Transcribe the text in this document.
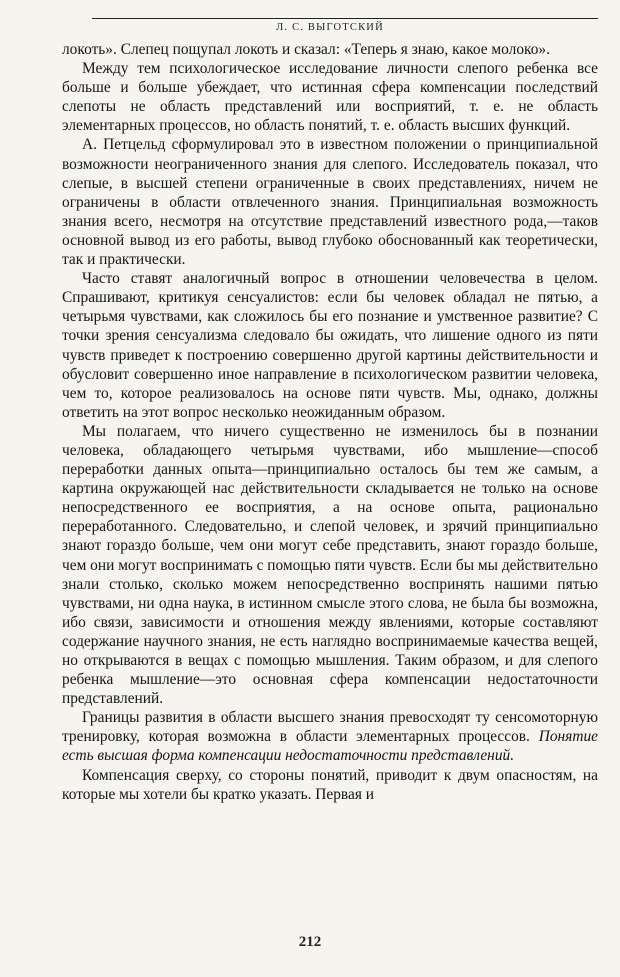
Л. С. ВЫГОТСКИЙ

локоть». Слепец пощупал локоть и сказал: «Теперь я знаю, какое молоко».

Между тем психологическое исследование личности слепого ребенка все больше и больше убеждает, что истинная сфера компенсации последствий слепоты не область представлений или восприятий, т. е. не область элементарных процессов, но область понятий, т. е. область высших функций.

А. Петцельд сформулировал это в известном положении о принципиальной возможности неограниченного знания для слепого. Исследователь показал, что слепые, в высшей степени ограниченные в своих представлениях, ничем не ограничены в области отвлеченного знания. Принципиальная возможность знания всего, несмотря на отсутствие представлений известного рода,—таков основной вывод из его работы, вывод глубоко обоснованный как теоретически, так и практически.

Часто ставят аналогичный вопрос в отношении человечества в целом. Спрашивают, критикуя сенсуалистов: если бы человек обладал не пятью, а четырьмя чувствами, как сложилось бы его познание и умственное развитие? С точки зрения сенсуализма следовало бы ожидать, что лишение одного из пяти чувств приведет к построению совершенно другой картины действительности и обусловит совершенно иное направление в психологическом развитии человека, чем то, которое реализовалось на основе пяти чувств. Мы, однако, должны ответить на этот вопрос несколько неожиданным образом.

Мы полагаем, что ничего существенно не изменилось бы в познании человека, обладающего четырьмя чувствами, ибо мышление—способ переработки данных опыта—принципиально осталось бы тем же самым, а картина окружающей нас действительности складывается не только на основе непосредственного ее восприятия, а на основе опыта, рационально переработанного. Следовательно, и слепой человек, и зрячий принципиально знают гораздо больше, чем они могут себе представить, знают гораздо больше, чем они могут воспринимать с помощью пяти чувств. Если бы мы действительно знали столько, сколько можем непосредственно воспринять нашими пятью чувствами, ни одна наука, в истинном смысле этого слова, не была бы возможна, ибо связи, зависимости и отношения между явлениями, которые составляют содержание научного знания, не есть наглядно воспринимаемые качества вещей, но открываются в вещах с помощью мышления. Таким образом, и для слепого ребенка мышление—это основная сфера компенсации недостаточности представлений.

Границы развития в области высшего знания превосходят ту сенсомоторную тренировку, которая возможна в области элементарных процессов. Понятие есть высшая форма компенсации недостаточности представлений.

Компенсация сверху, со стороны понятий, приводит к двум опасностям, на которые мы хотели бы кратко указать. Первая и

212
